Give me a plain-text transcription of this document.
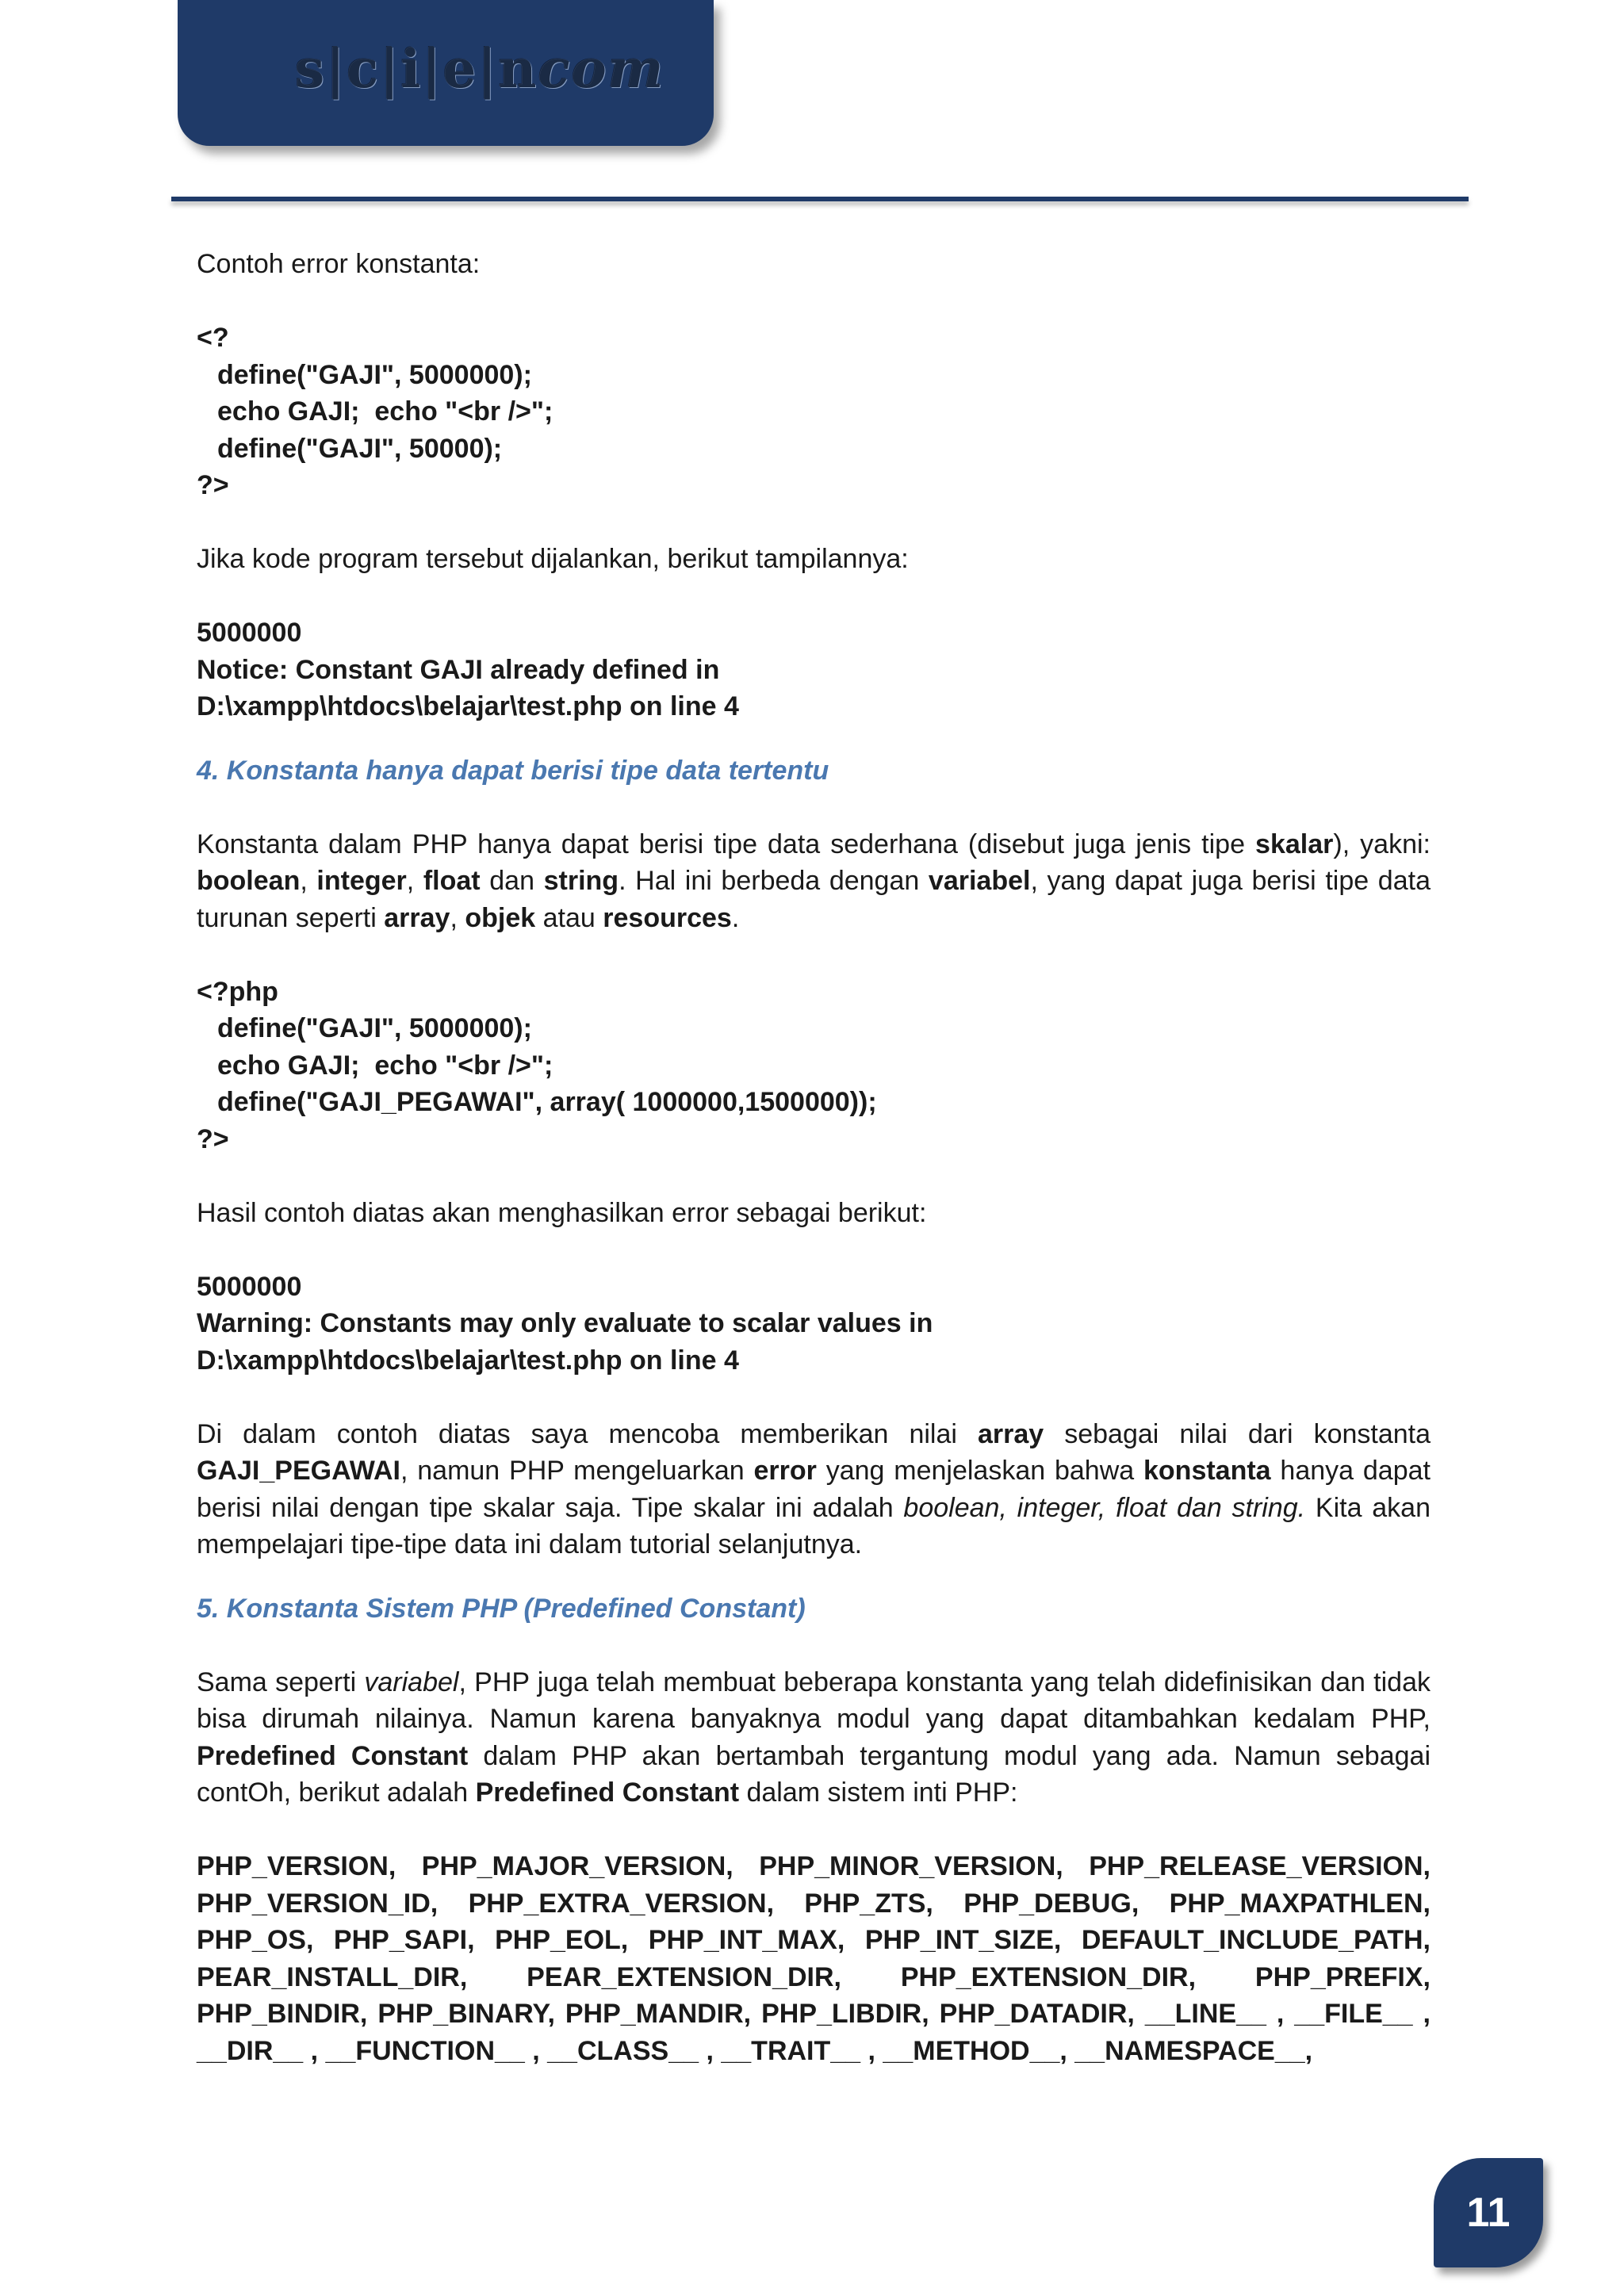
s|c|i|e|ncom

Contoh error konstanta:

<?

define("GAJI", 5000000);

echo GAJI;  echo "<br />";

define("GAJI", 50000);

?>

Jika kode program tersebut dijalankan, berikut tampilannya:

5000000

Notice: Constant GAJI already defined in

D:\xampp\htdocs\belajar\test.php on line 4

4. Konstanta hanya dapat berisi tipe data tertentu

Konstanta dalam PHP hanya dapat berisi tipe data sederhana (disebut juga jenis tipe skalar), yakni: boolean, integer, float dan string. Hal ini berbeda dengan variabel, yang dapat juga berisi tipe data turunan seperti array, objek atau resources.

<?php

define("GAJI", 5000000);

echo GAJI;  echo "<br />";

define("GAJI_PEGAWAI", array( 1000000,1500000));

?>

Hasil contoh diatas akan menghasilkan error sebagai berikut:

5000000

Warning: Constants may only evaluate to scalar values in

D:\xampp\htdocs\belajar\test.php on line 4

Di dalam contoh diatas saya mencoba memberikan nilai array sebagai nilai dari konstanta GAJI_PEGAWAI, namun PHP mengeluarkan error yang menjelaskan bahwa konstanta hanya dapat berisi nilai dengan tipe skalar saja. Tipe skalar ini adalah boolean, integer, float dan string. Kita akan mempelajari tipe-tipe data ini dalam tutorial selanjutnya.

5. Konstanta Sistem PHP (Predefined Constant)

Sama seperti variabel, PHP juga telah membuat beberapa konstanta yang telah didefinisikan dan tidak bisa dirumah nilainya. Namun karena banyaknya modul yang dapat ditambahkan kedalam PHP, Predefined Constant dalam PHP akan bertambah tergantung modul yang ada. Namun sebagai contOh, berikut adalah Predefined Constant dalam sistem inti PHP:

PHP_VERSION, PHP_MAJOR_VERSION, PHP_MINOR_VERSION, PHP_RELEASE_VERSION, PHP_VERSION_ID, PHP_EXTRA_VERSION, PHP_ZTS, PHP_DEBUG, PHP_MAXPATHLEN, PHP_OS, PHP_SAPI, PHP_EOL, PHP_INT_MAX, PHP_INT_SIZE, DEFAULT_INCLUDE_PATH, PEAR_INSTALL_DIR, PEAR_EXTENSION_DIR, PHP_EXTENSION_DIR, PHP_PREFIX, PHP_BINDIR, PHP_BINARY, PHP_MANDIR, PHP_LIBDIR, PHP_DATADIR, __LINE__ , __FILE__ , __DIR__ , __FUNCTION__ , __CLASS__ , __TRAIT__ , __METHOD__, __NAMESPACE__,

11
